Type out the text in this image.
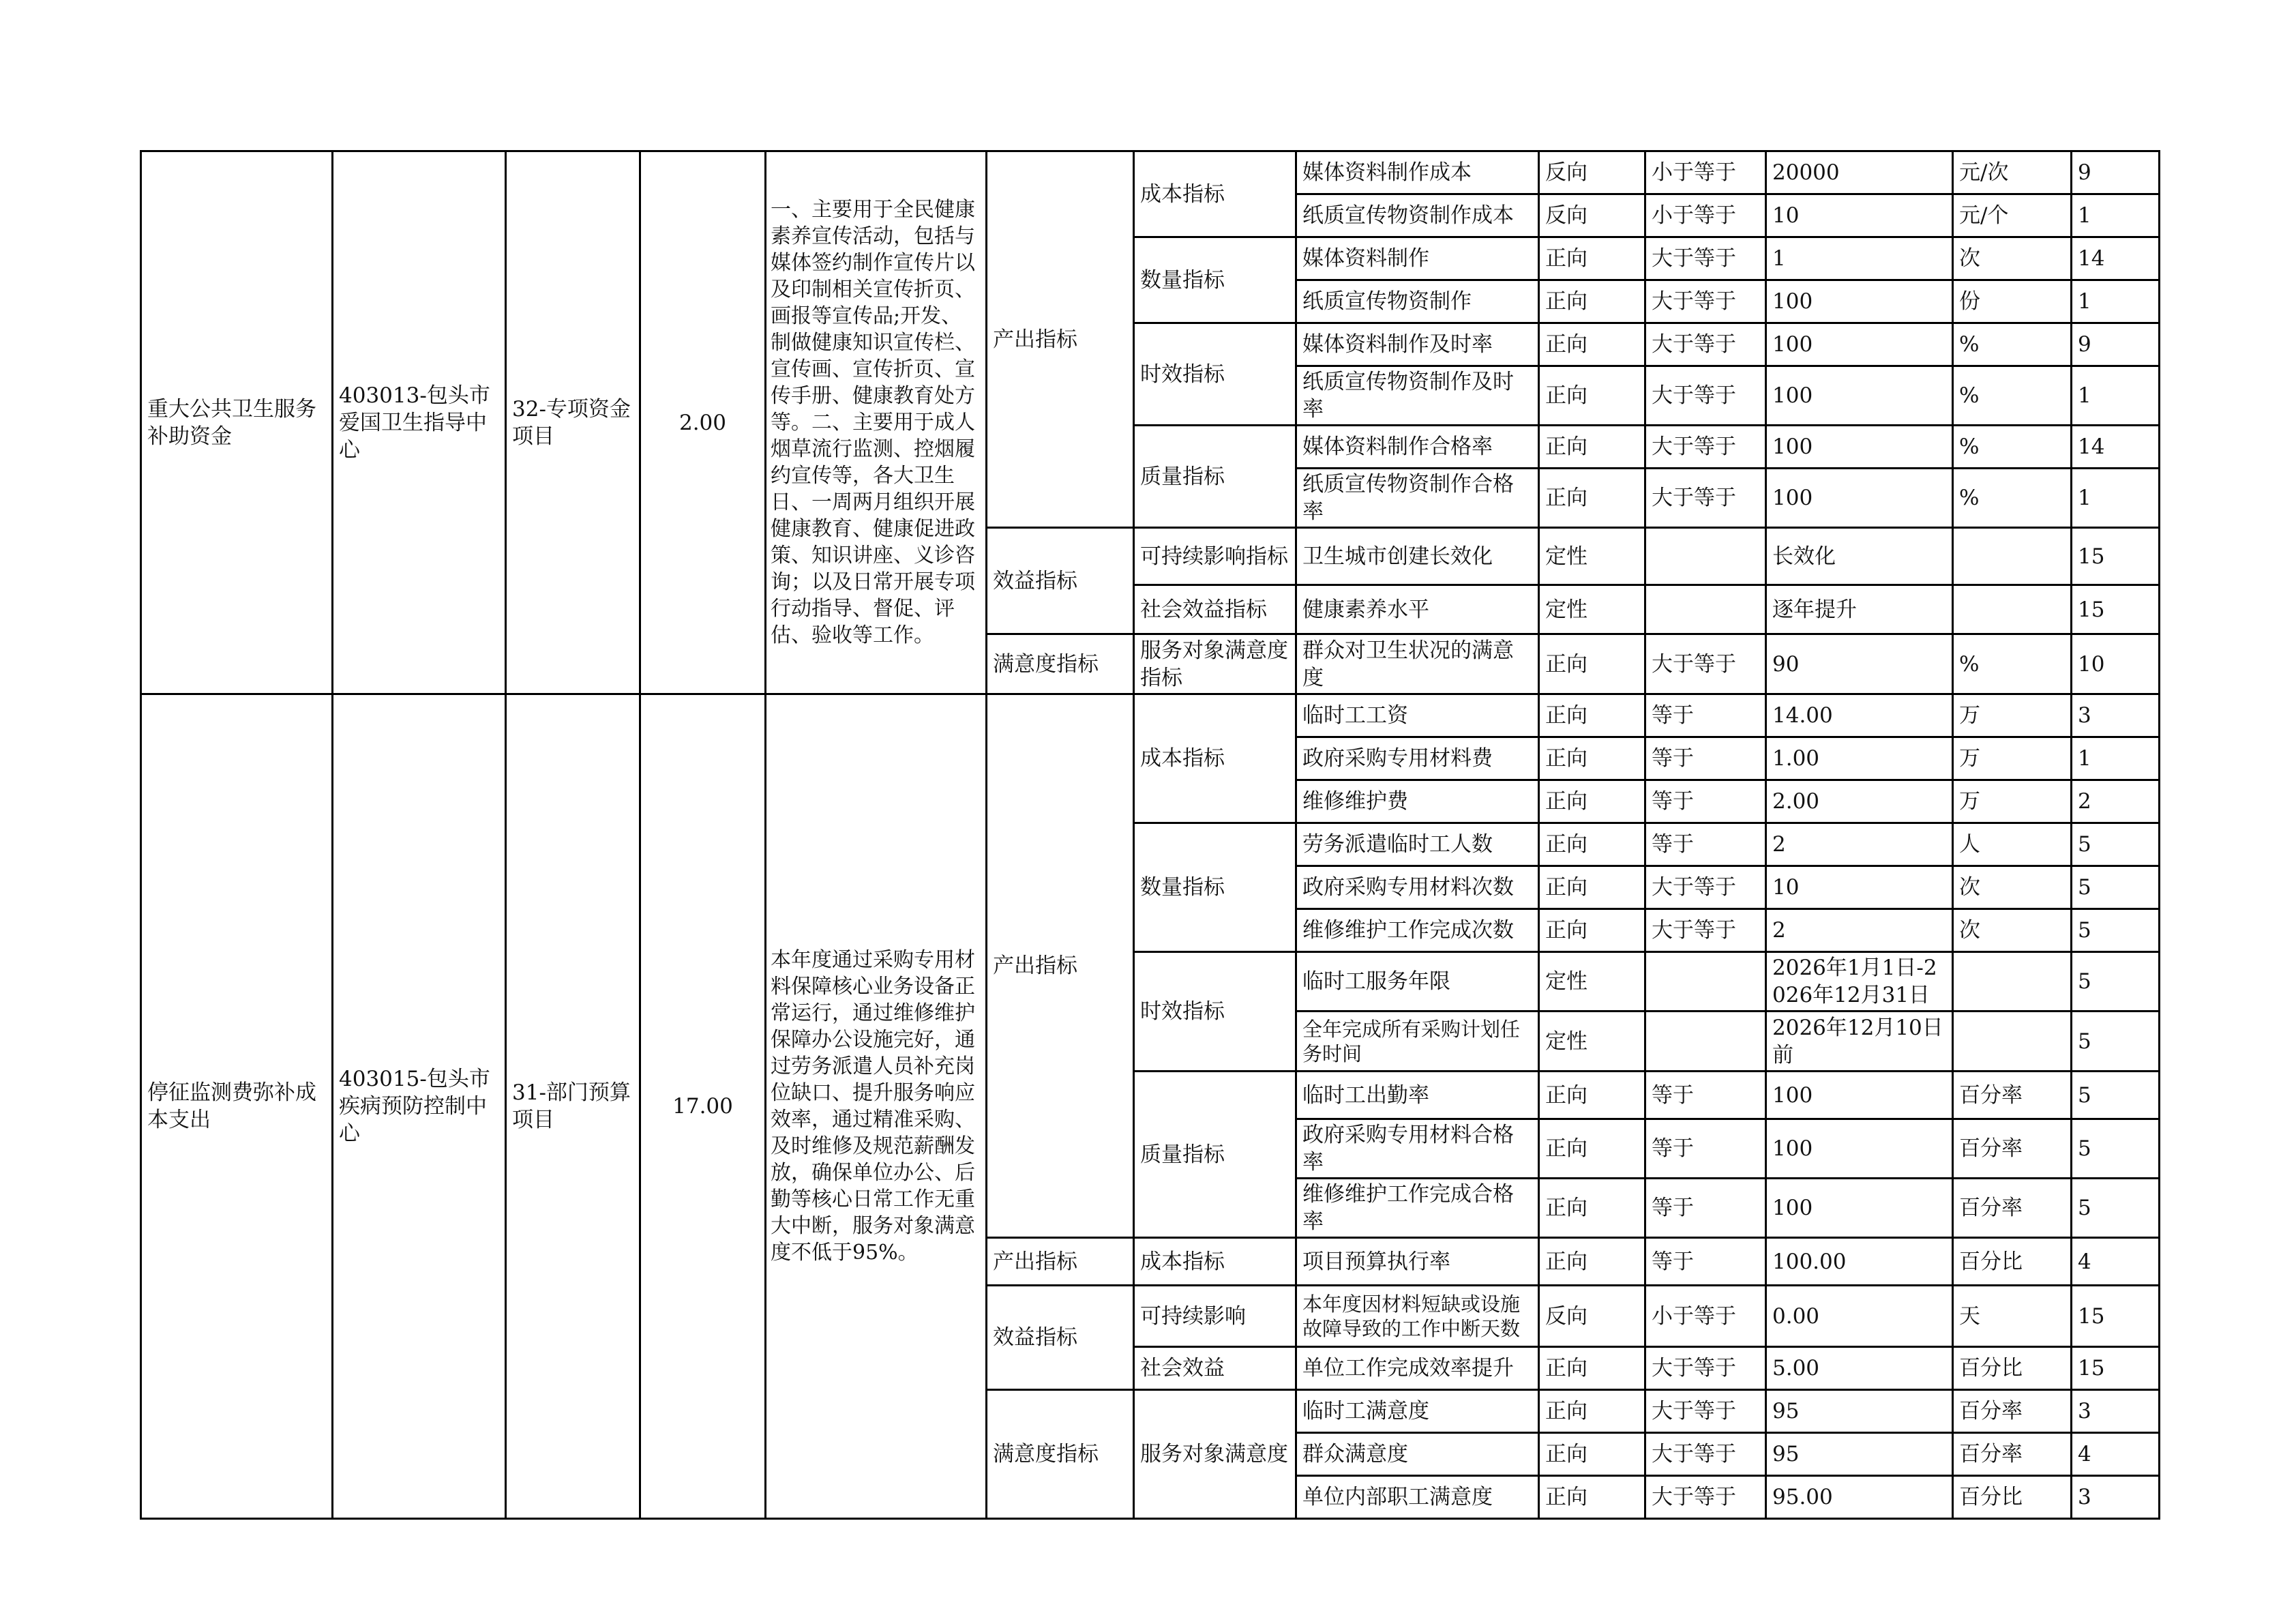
重大公共卫生服务补助资金	403013-包头市爱国卫生指导中心	32-专项资金项目	2.00	一、主要用于全民健康素养宣传活动，包括与媒体签约制作宣传片以及印制相关宣传折页、画报等宣传品;开发、制做健康知识宣传栏、宣传画、宣传折页、宣传手册、健康教育处方等。二、主要用于成人烟草流行监测、控烟履约宣传等，各大卫生日、一周两月组织开展健康教育、健康促进政策、知识讲座、义诊咨询；以及日常开展专项行动指导、督促、评估、验收等工作。	产出指标	成本指标	媒体资料制作成本	反向	小于等于	20000	元/次	9
							纸质宣传物资制作成本	反向	小于等于	10	元/个	1
						数量指标	媒体资料制作	正向	大于等于	1	次	14
							纸质宣传物资制作	正向	大于等于	100	份	1
						时效指标	媒体资料制作及时率	正向	大于等于	100	%	9
							纸质宣传物资制作及时率	正向	大于等于	100	%	1
						质量指标	媒体资料制作合格率	正向	大于等于	100	%	14
							纸质宣传物资制作合格率	正向	大于等于	100	%	1
					效益指标	可持续影响指标	卫生城市创建长效化	定性		长效化		15
						社会效益指标	健康素养水平	定性		逐年提升		15
					满意度指标	服务对象满意度指标	群众对卫生状况的满意度	正向	大于等于	90	%	10
停征监测费弥补成本支出	403015-包头市疾病预防控制中心	31-部门预算项目	17.00	本年度通过采购专用材料保障核心业务设备正常运行，通过维修维护保障办公设施完好，通过劳务派遣人员补充岗位缺口、提升服务响应效率，通过精准采购、及时维修及规范薪酬发放，确保单位办公、后勤等核心日常工作无重大中断，服务对象满意度不低于95%。	产出指标	成本指标	临时工工资	正向	等于	14.00	万	3
							政府采购专用材料费	正向	等于	1.00	万	1
							维修维护费	正向	等于	2.00	万	2
						数量指标	劳务派遣临时工人数	正向	等于	2	人	5
							政府采购专用材料次数	正向	大于等于	10	次	5
							维修维护工作完成次数	正向	大于等于	2	次	5
						时效指标	临时工服务年限	定性		2026年1月1日-2026年12月31日		5
							全年完成所有采购计划任务时间	定性		2026年12月10日前		5
						质量指标	临时工出勤率	正向	等于	100	百分率	5
							政府采购专用材料合格率	正向	等于	100	百分率	5
							维修维护工作完成合格率	正向	等于	100	百分率	5
					产出指标	成本指标	项目预算执行率	正向	等于	100.00	百分比	4
					效益指标	可持续影响	本年度因材料短缺或设施故障导致的工作中断天数	反向	小于等于	0.00	天	15
						社会效益	单位工作完成效率提升	正向	大于等于	5.00	百分比	15
					满意度指标	服务对象满意度	临时工满意度	正向	大于等于	95	百分率	3
							群众满意度	正向	大于等于	95	百分率	4
							单位内部职工满意度	正向	大于等于	95.00	百分比	3
